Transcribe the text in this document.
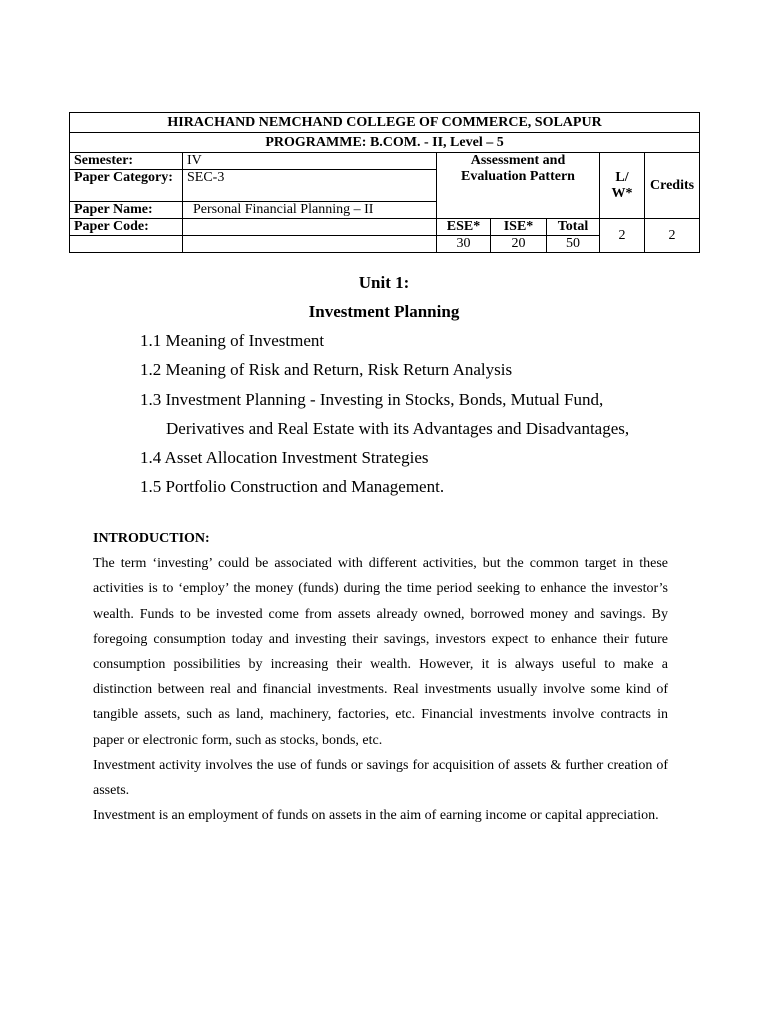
HIRACHAND NEMCHAND COLLEGE OF COMMERCE, SOLAPUR						
PROGRAMME: B.COM. - II, Level – 5						
Semester:	IV	Assessment and Evaluation Pattern			L/ W*	Credits
Paper Category:	SEC-3					
Paper Name:	Personal Financial Planning – II					
Paper Code:		ESE*	ISE*	Total	2	2
		30	20	50		

Unit 1:

Investment Planning

1.1 Meaning of Investment
1.2 Meaning of Risk and Return, Risk Return Analysis
1.3 Investment Planning - Investing in Stocks, Bonds, Mutual Fund,
Derivatives and Real Estate with its Advantages and Disadvantages,
1.4 Asset Allocation Investment Strategies
1.5 Portfolio Construction and Management.

INTRODUCTION:

The term ‘investing’ could be associated with different activities, but the common target in these activities is to ‘employ’ the money (funds) during the time period seeking to enhance the investor’s wealth. Funds to be invested come from assets already owned, borrowed money and savings. By foregoing consumption today and investing their savings, investors expect to enhance their future consumption possibilities by increasing their wealth. However, it is always useful to make a distinction between real and financial investments. Real investments usually involve some kind of tangible assets, such as land, machinery, factories, etc. Financial investments involve contracts in paper or electronic form, such as stocks, bonds, etc.

Investment activity involves the use of funds or savings for acquisition of assets & further creation of assets.

Investment is an employment of funds on assets in the aim of earning income or capital appreciation.
